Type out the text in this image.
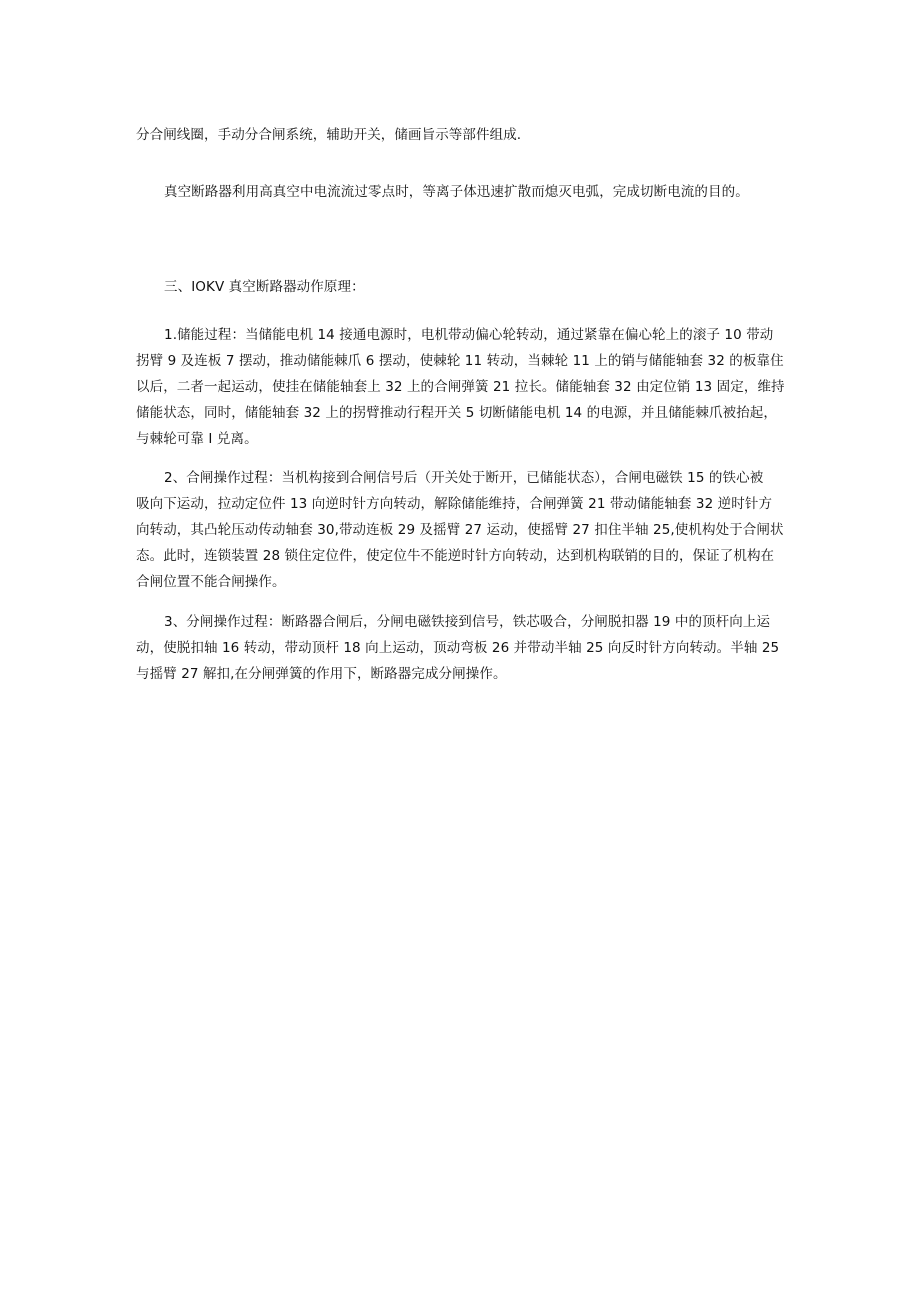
分合闸线圈，手动分合闸系统，辅助开关，储画旨示等部件组成.
真空断路器利用高真空中电流流过零点时，等离子体迅速扩散而熄灭电弧，完成切断电流的目的。
三、IOKV 真空断路器动作原理：
1.储能过程：当储能电机 14 接通电源时，电机带动偏心轮转动，通过紧靠在偏心轮上的滚子 10 带动
拐臂 9 及连板 7 摆动，推动储能棘爪 6 摆动，使棘轮 11 转动，当棘轮 11 上的销与储能轴套 32 的板靠住
以后，二者一起运动，使挂在储能轴套上 32 上的合闸弹簧 21 拉长。储能轴套 32 由定位销 13 固定，维持
储能状态，同时，储能轴套 32 上的拐臂推动行程开关 5 切断储能电机 14 的电源，并且储能棘爪被抬起，
与棘轮可靠 I 兑离。
2、合闸操作过程：当机构接到合闸信号后（开关处于断开，已储能状态），合闸电磁铁 15 的铁心被
吸向下运动，拉动定位件 13 向逆时针方向转动，解除储能维持，合闸弹簧 21 带动储能轴套 32 逆时针方
向转动，其凸轮压动传动轴套 30,带动连板 29 及摇臂 27 运动，使摇臂 27 扣住半轴 25,使机构处于合闸状
态。此时，连锁装置 28 锁住定位件，使定位牛不能逆时针方向转动，达到机构联销的目的，保证了机构在
合闸位置不能合闸操作。
3、分闸操作过程：断路器合闸后，分闸电磁铁接到信号，铁芯吸合，分闸脱扣器 19 中的顶杆向上运
动，使脱扣轴 16 转动，带动顶杆 18 向上运动，顶动弯板 26 并带动半轴 25 向反时针方向转动。半轴 25
与摇臂 27 解扣,在分闸弹簧的作用下，断路器完成分闸操作。
